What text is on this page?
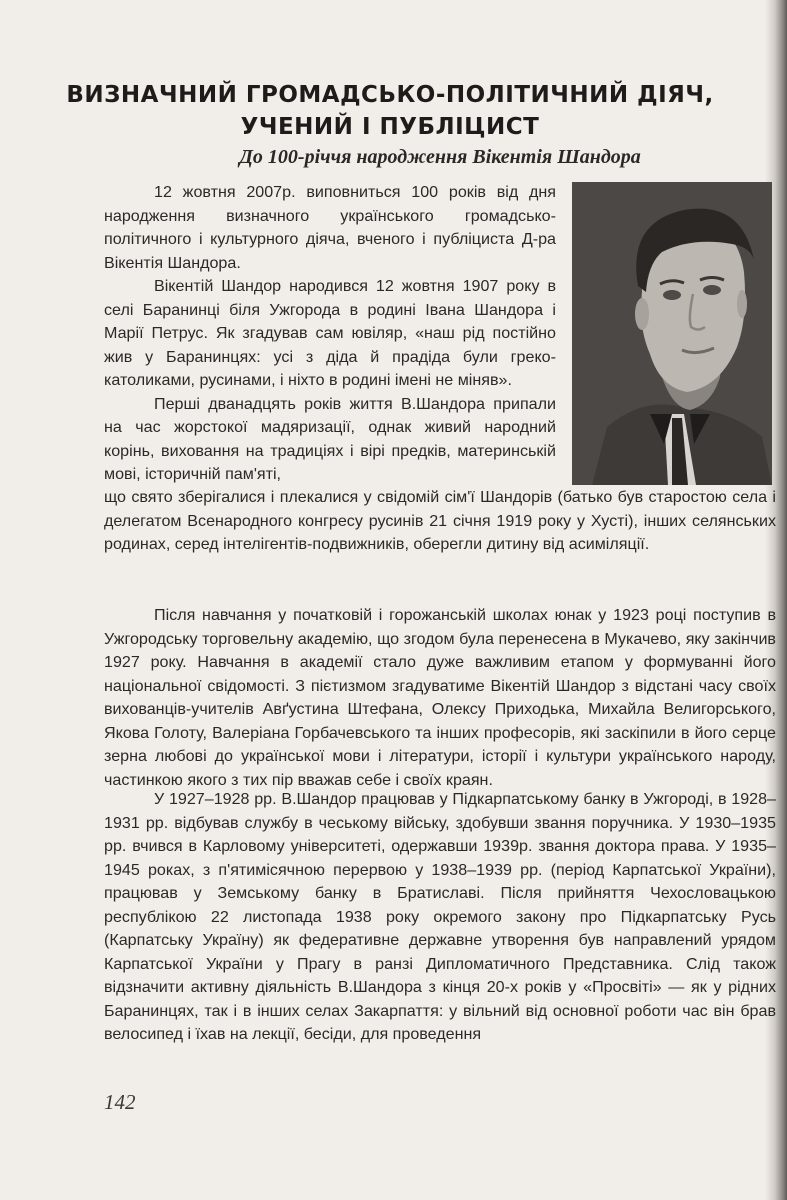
ВИЗНАЧНИЙ ГРОМАДСЬКО-ПОЛІТИЧНИЙ ДІЯЧ,
УЧЕНИЙ І ПУБЛІЦИСТ
До 100-річчя народження Вікентія Шандора

12 жовтня 2007р. виповниться 100 років від дня народження визначного українського громадсько-політичного і культурного діяча, вченого і публіциста Д-ра Вікентія Шандора.

Вікентій Шандор народився 12 жовтня 1907 року в селі Баранинці біля Ужгорода в родині Івана Шандора і Марії Петрус. Як згадував сам ювіляр, «наш рід постійно жив у Баранинцях: усі з діда й прадіда були греко-католиками, русинами, і ніхто в родині імені не міняв».

Перші дванадцять років життя В.Шандора припали на час жорстокої мадяризації, однак живий народний корінь, виховання на традиціях і вірі предків, материнській мові, історичній пам'яті,

що свято зберігалися і плекалися у свідомій сім'ї Шандорів (батько був старостою села і делегатом Всенародного конгресу русинів 21 січня 1919 року у Хусті), інших селянських родинах, серед інтелігентів-подвижників, оберегли дитину від асиміляції.

Після навчання у початковій і горожанській школах юнак у 1923 році поступив в Ужгородську торговельну академію, що згодом була перенесена в Мукачево, яку закінчив 1927 року. Навчання в академії стало дуже важливим етапом у формуванні його національної свідомості. З пієтизмом згадуватиме Вікентій Шандор з відстані часу своїх вихованців-учителів Авґустина Штефана, Олексу Приходька, Михайла Велигорського, Якова Голоту, Валеріана Горбачевського та інших професорів, які заскіпили в його серце зерна любові до української мови і літератури, історії і культури українського народу, частинкою якого з тих пір вважав себе і своїх краян.

У 1927–1928 рр. В.Шандор працював у Підкарпатському банку в Ужгороді, в 1928–1931 рр. відбував службу в чеському війську, здобувши звання поручника. У 1930–1935 рр. вчився в Карловому університеті, одержавши 1939р. звання доктора права. У 1935–1945 роках, з п'ятимісячною перервою у 1938–1939 рр. (період Карпатської України), працював у Земському банку в Братиславі. Після прийняття Чехословацькою республікою 22 листопада 1938 року окремого закону про Підкарпатську Русь (Карпатську Україну) як федеративне державне утворення був направлений урядом Карпатської України у Прагу в ранзі Дипломатичного Представника. Слід також відзначити активну діяльність В.Шандора з кінця 20-х років у «Просвіті» — як у рідних Баранинцях, так і в інших селах Закарпаття: у вільний від основної роботи час він брав велосипед і їхав на лекції, бесіди, для проведення

142
